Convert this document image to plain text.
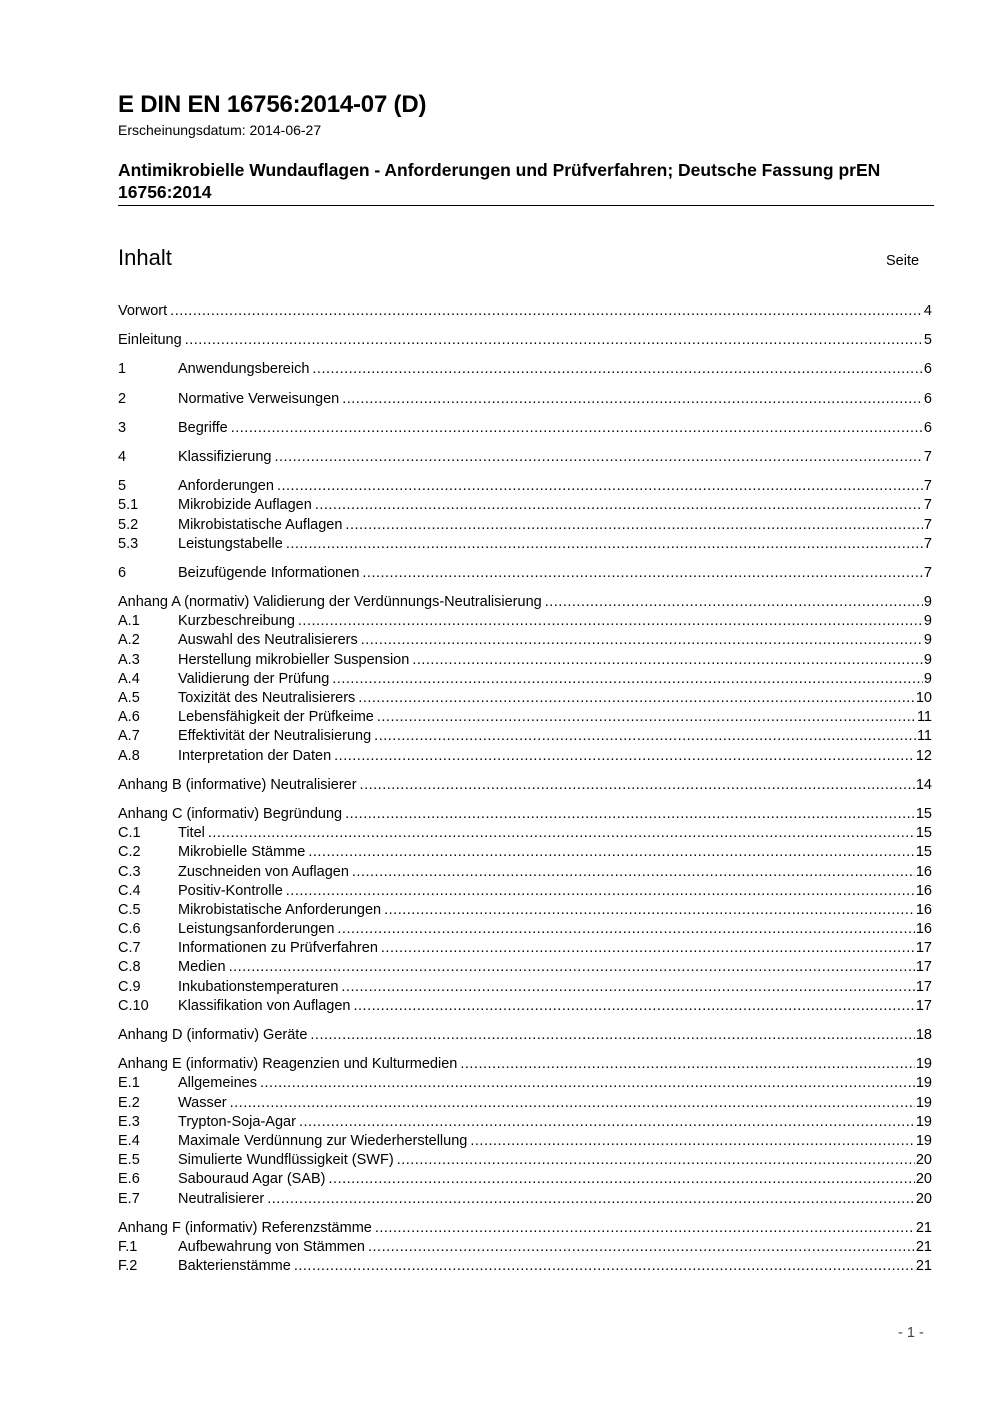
E DIN EN 16756:2014-07 (D)
Erscheinungsdatum: 2014-06-27
Antimikrobielle Wundauflagen - Anforderungen und Prüfverfahren; Deutsche Fassung prEN 16756:2014
Inhalt	Seite
Vorwort .....	4
Einleitung .....	5
1	Anwendungsbereich .....	6
2	Normative Verweisungen .....	6
3	Begriffe .....	6
4	Klassifizierung .....	7
5	Anforderungen .....	7
5.1	Mikrobizide Auflagen .....	7
5.2	Mikrobistatische Auflagen .....	7
5.3	Leistungstabelle .....	7
6	Beizufügende Informationen .....	7
Anhang A (normativ) Validierung der Verdünnungs-Neutralisierung .....	9
A.1	Kurzbeschreibung .....	9
A.2	Auswahl des Neutralisierers .....	9
A.3	Herstellung mikrobieller Suspension .....	9
A.4	Validierung der Prüfung .....	9
A.5	Toxizität des Neutralisierers .....	10
A.6	Lebensfähigkeit der Prüfkeime .....	11
A.7	Effektivität der Neutralisierung .....	11
A.8	Interpretation der Daten .....	12
Anhang B (informative) Neutralisierer .....	14
Anhang C (informativ) Begründung .....	15
C.1	Titel .....	15
C.2	Mikrobielle Stämme .....	15
C.3	Zuschneiden von Auflagen .....	16
C.4	Positiv-Kontrolle .....	16
C.5	Mikrobistatische Anforderungen .....	16
C.6	Leistungsanforderungen .....	16
C.7	Informationen zu Prüfverfahren .....	17
C.8	Medien .....	17
C.9	Inkubationstemperaturen .....	17
C.10	Klassifikation von Auflagen .....	17
Anhang D (informativ) Geräte .....	18
Anhang E (informativ) Reagenzien und Kulturmedien .....	19
E.1	Allgemeines .....	19
E.2	Wasser .....	19
E.3	Trypton-Soja-Agar .....	19
E.4	Maximale Verdünnung zur Wiederherstellung .....	19
E.5	Simulierte Wundflüssigkeit (SWF) .....	20
E.6	Sabouraud Agar (SAB) .....	20
E.7	Neutralisierer .....	20
Anhang F (informativ) Referenzstämme .....	21
F.1	Aufbewahrung von Stämmen .....	21
F.2	Bakterienstämme .....	21
- 1 -
